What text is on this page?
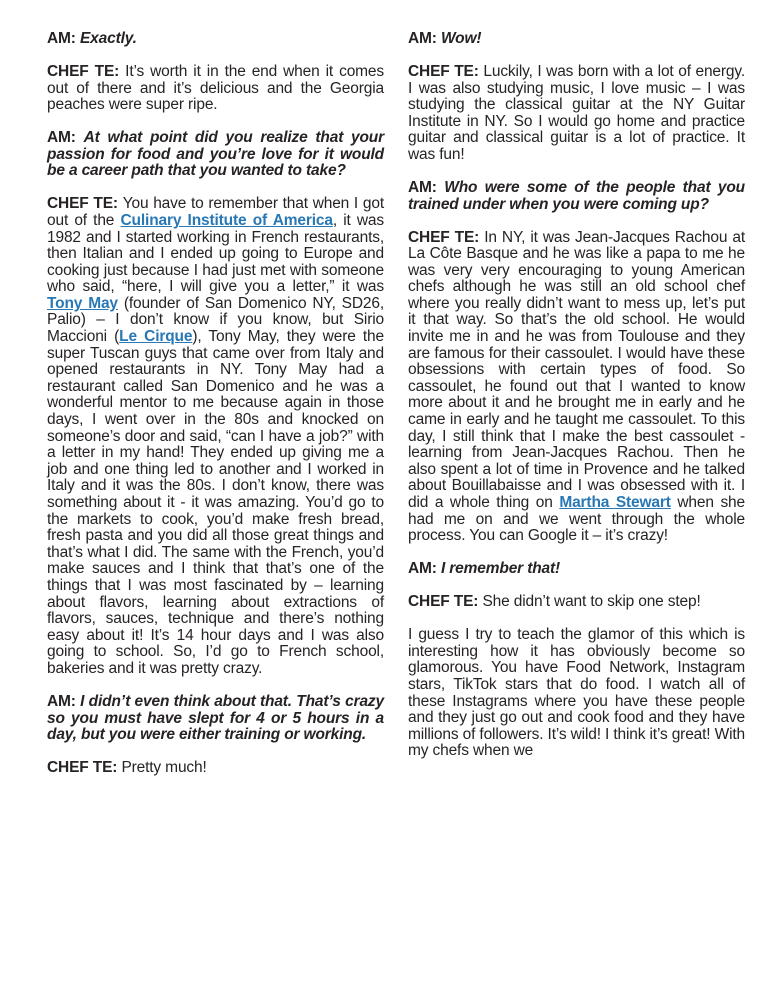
AM: Exactly.

CHEF TE: It’s worth it in the end when it comes out of there and it’s delicious and the Georgia peaches were super ripe.

AM: At what point did you realize that your passion for food and you’re love for it would be a career path that you wanted to take?

CHEF TE: You have to remember that when I got out of the Culinary Institute of America, it was 1982 and I started working in French restaurants, then Italian and I ended up going to Europe and cooking just because I had just met with someone who said, “here, I will give you a letter,” it was Tony May (founder of San Domenico NY, SD26, Palio) – I don’t know if you know, but Sirio Maccioni (Le Cirque), Tony May, they were the super Tuscan guys that came over from Italy and opened restaurants in NY. Tony May had a restaurant called San Domenico and he was a wonderful mentor to me because again in those days, I went over in the 80s and knocked on someone’s door and said, “can I have a job?” with a letter in my hand! They ended up giving me a job and one thing led to another and I worked in Italy and it was the 80s. I don’t know, there was something about it - it was amazing. You’d go to the markets to cook, you’d make fresh bread, fresh pasta and you did all those great things and that’s what I did. The same with the French, you’d make sauces and I think that that’s one of the things that I was most fascinated by – learning about flavors, learning about extractions of flavors, sauces, technique and there’s nothing easy about it! It’s 14 hour days and I was also going to school. So, I’d go to French school, bakeries and it was pretty crazy.

AM: I didn’t even think about that. That’s crazy so you must have slept for 4 or 5 hours in a day, but you were either training or working.

CHEF TE: Pretty much!

AM: Wow!

CHEF TE: Luckily, I was born with a lot of energy. I was also studying music, I love music – I was studying the classical guitar at the NY Guitar Institute in NY. So I would go home and practice guitar and classical guitar is a lot of practice. It was fun!

AM: Who were some of the people that you trained under when you were coming up?

CHEF TE: In NY, it was Jean-Jacques Rachou at La Côte Basque and he was like a papa to me he was very very encouraging to young American chefs although he was still an old school chef where you really didn’t want to mess up, let’s put it that way. So that’s the old school. He would invite me in and he was from Toulouse and they are famous for their cassoulet. I would have these obsessions with certain types of food. So cassoulet, he found out that I wanted to know more about it and he brought me in early and he came in early and he taught me cassoulet. To this day, I still think that I make the best cassoulet - learning from Jean-Jacques Rachou. Then he also spent a lot of time in Provence and he talked about Bouillabaisse and I was obsessed with it. I did a whole thing on Martha Stewart when she had me on and we went through the whole process. You can Google it – it’s crazy!

AM: I remember that!

CHEF TE: She didn’t want to skip one step!

I guess I try to teach the glamor of this which is interesting how it has obviously become so glamorous. You have Food Network, Instagram stars, TikTok stars that do food. I watch all of these Instagrams where you have these people and they just go out and cook food and they have millions of followers. It’s wild! I think it’s great! With my chefs when we
